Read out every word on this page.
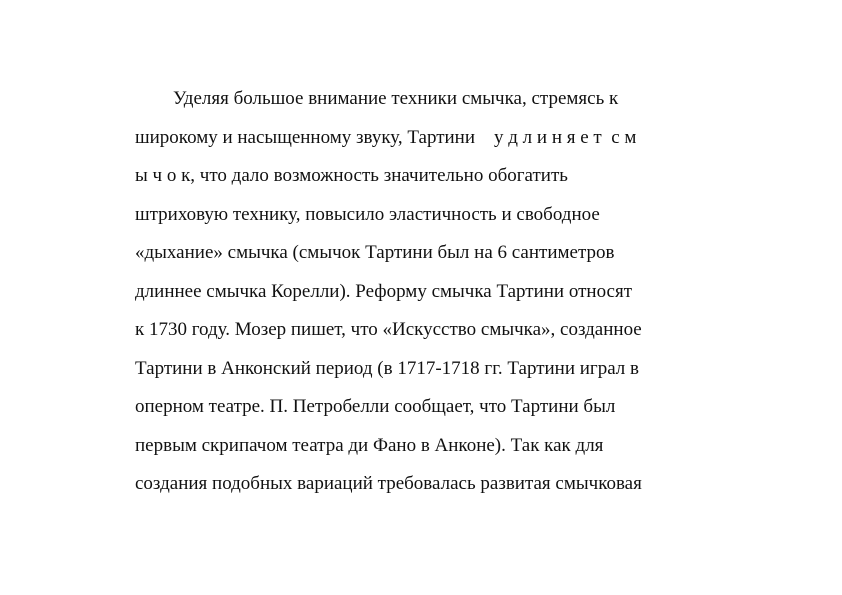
Уделяя большое внимание техники смычка, стремясь к
широкому и насыщенному звуку, Тартини    у д л и н я е т  с м
ы ч о к, что дало возможность значительно обогатить
штриховую технику, повысило эластичность и свободное
«дыхание» смычка (смычок Тартини был на 6 сантиметров
длиннее смычка Корелли). Реформу смычка Тартини относят
к 1730 году. Мозер пишет, что «Искусство смычка», созданное
Тартини в Анконский период (в 1717-1718 гг. Тартини играл в
оперном театре. П. Петробелли сообщает, что Тартини был
первым скрипачом театра ди Фано в Анконе). Так как для
создания подобных вариаций требовалась развитая смычковая
